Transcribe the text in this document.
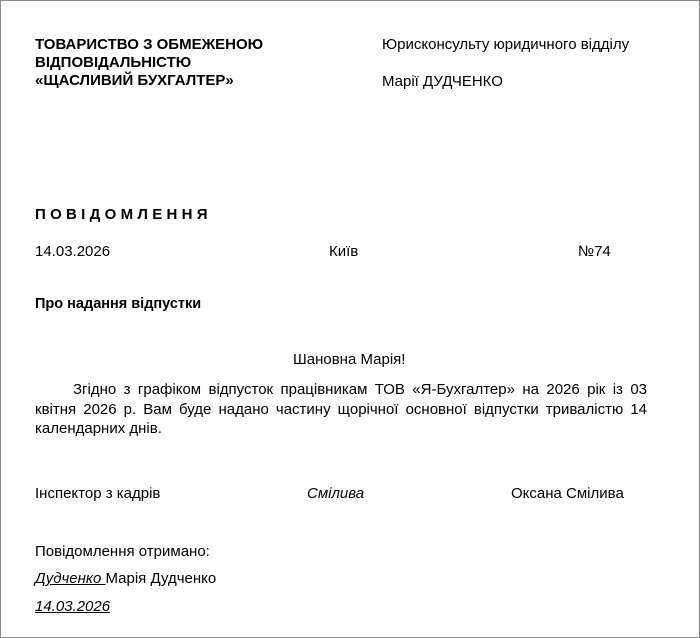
ТОВАРИСТВО З ОБМЕЖЕНОЮ
ВІДПОВІДАЛЬНІСТЮ
«ЩАСЛИВИЙ БУХГАЛТЕР»
Юрисконсульту юридичного відділу
Марії ДУДЧЕНКО
ПОВІДОМЛЕННЯ
14.03.2026	Київ	№74
Про надання відпустки
Шановна Марія!
Згідно з графіком відпусток працівникам ТОВ «Я-Бухгалтер» на 2026 рік із 03 квітня 2026 р. Вам буде надано частину щорічної основної відпустки тривалістю 14 календарних днів.
Інспектор з кадрів	Смілива	Оксана Смілива
Повідомлення отримано:
Дудченко Марія Дудченко
14.03.2026
